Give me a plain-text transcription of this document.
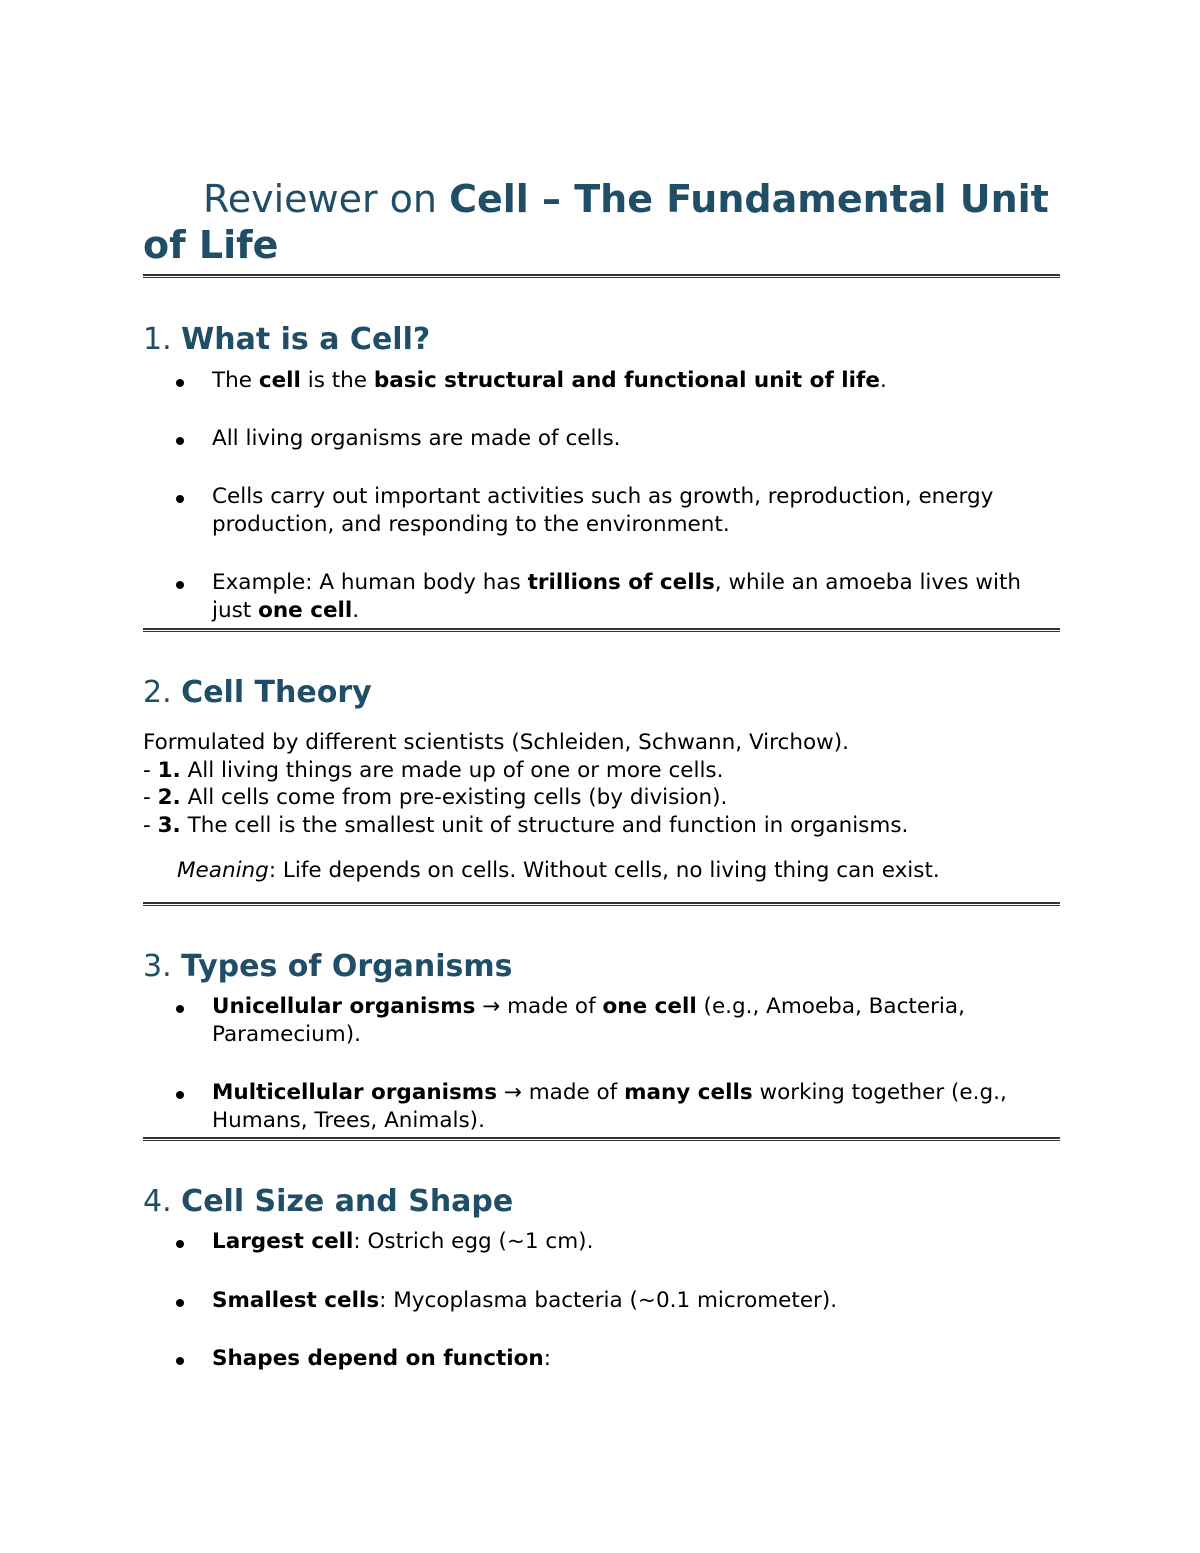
Reviewer on Cell – The Fundamental Unit of Life
1. What is a Cell?
The cell is the basic structural and functional unit of life.
All living organisms are made of cells.
Cells carry out important activities such as growth, reproduction, energy production, and responding to the environment.
Example: A human body has trillions of cells, while an amoeba lives with just one cell.
2. Cell Theory
Formulated by different scientists (Schleiden, Schwann, Virchow).
- 1. All living things are made up of one or more cells.
- 2. All cells come from pre-existing cells (by division).
- 3. The cell is the smallest unit of structure and function in organisms.
Meaning: Life depends on cells. Without cells, no living thing can exist.
3. Types of Organisms
Unicellular organisms → made of one cell (e.g., Amoeba, Bacteria, Paramecium).
Multicellular organisms → made of many cells working together (e.g., Humans, Trees, Animals).
4. Cell Size and Shape
Largest cell: Ostrich egg (~1 cm).
Smallest cells: Mycoplasma bacteria (~0.1 micrometer).
Shapes depend on function:
